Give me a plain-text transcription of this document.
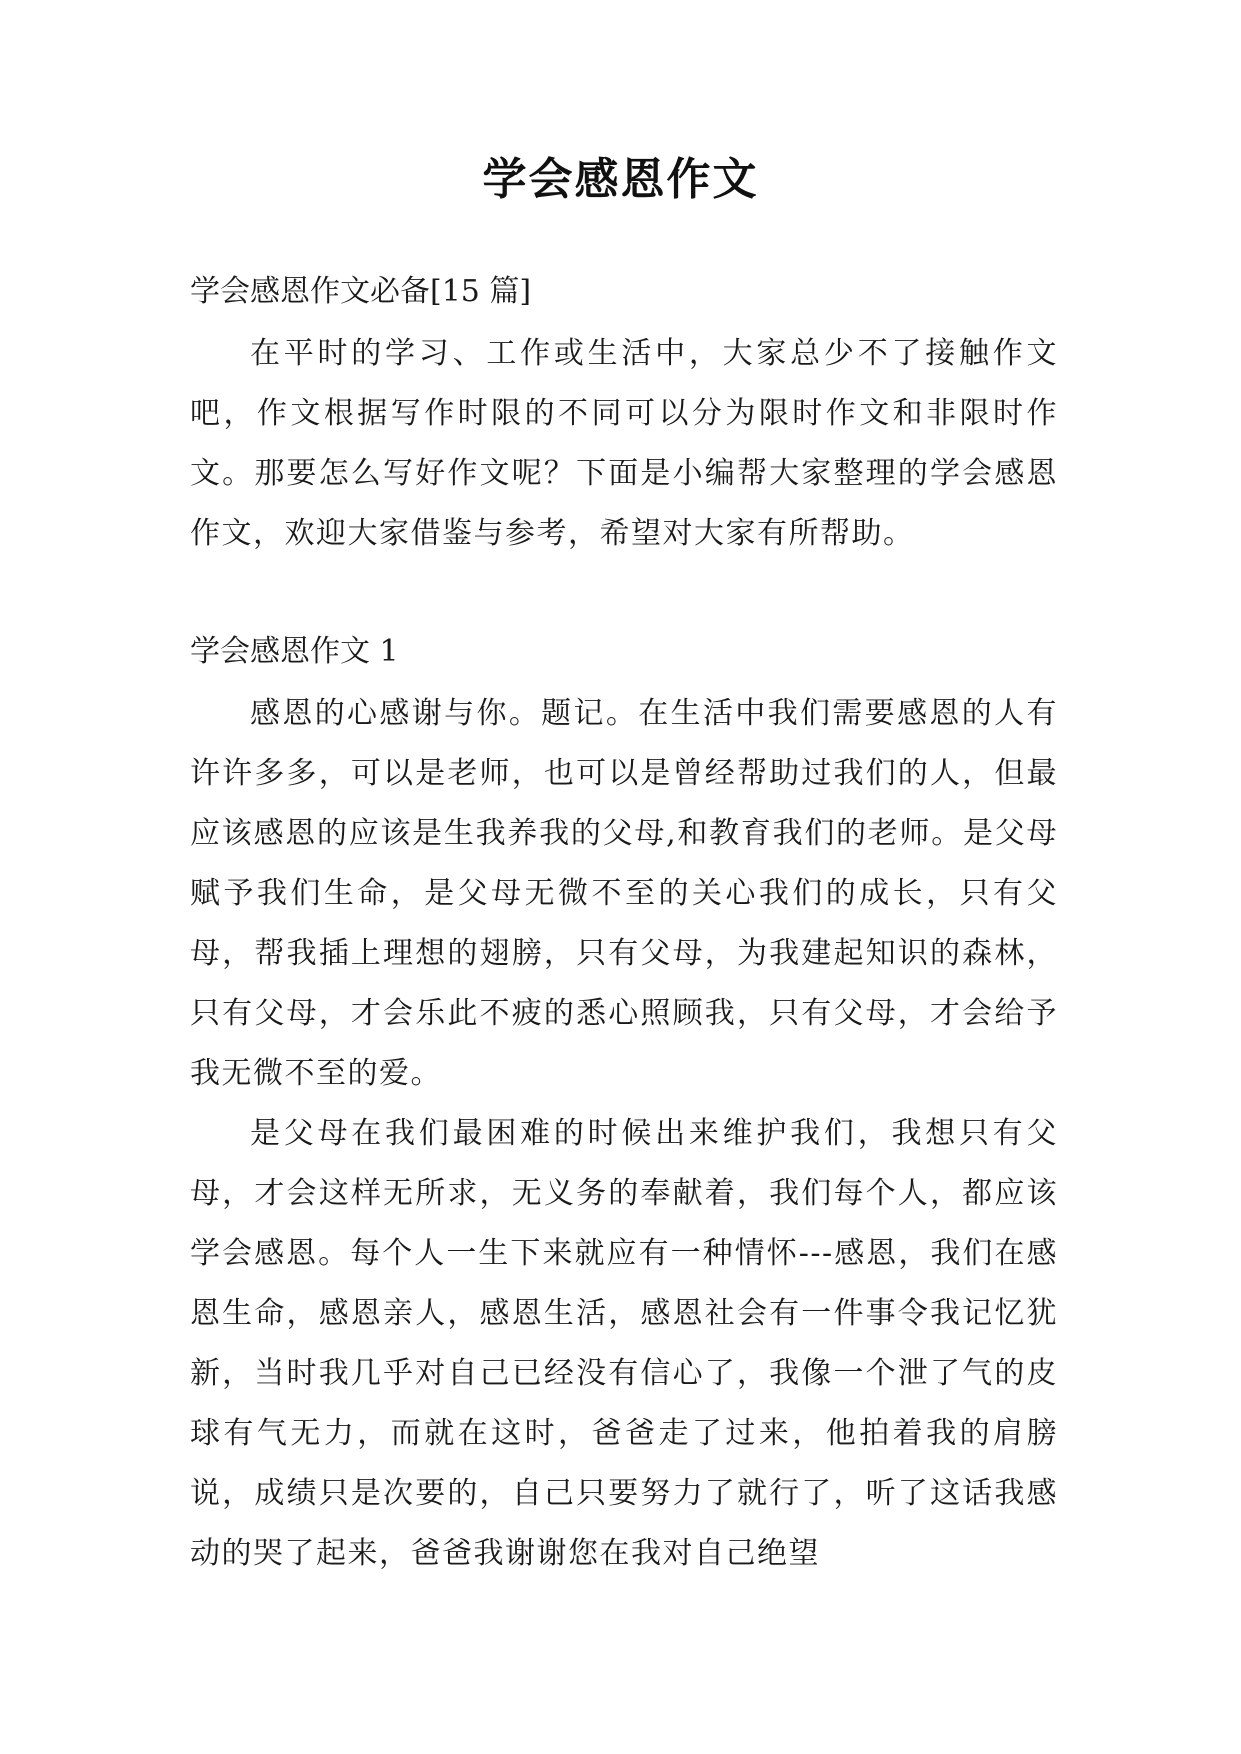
学会感恩作文

学会感恩作文必备[15 篇]

在平时的学习、工作或生活中，大家总少不了接触作文吧，作文根据写作时限的不同可以分为限时作文和非限时作文。那要怎么写好作文呢？下面是小编帮大家整理的学会感恩作文，欢迎大家借鉴与参考，希望对大家有所帮助。

学会感恩作文 1

感恩的心感谢与你。题记。在生活中我们需要感恩的人有许许多多，可以是老师，也可以是曾经帮助过我们的人，但最应该感恩的应该是生我养我的父母,和教育我们的老师。是父母赋予我们生命，是父母无微不至的关心我们的成长，只有父母，帮我插上理想的翅膀，只有父母，为我建起知识的森林，只有父母，才会乐此不疲的悉心照顾我，只有父母，才会给予我无微不至的爱。

是父母在我们最困难的时候出来维护我们，我想只有父母，才会这样无所求，无义务的奉献着，我们每个人，都应该学会感恩。每个人一生下来就应有一种情怀---感恩，我们在感恩生命，感恩亲人，感恩生活，感恩社会有一件事令我记忆犹新，当时我几乎对自己已经没有信心了，我像一个泄了气的皮球有气无力，而就在这时，爸爸走了过来，他拍着我的肩膀说，成绩只是次要的，自己只要努力了就行了，听了这话我感动的哭了起来，爸爸我谢谢您在我对自己绝望
